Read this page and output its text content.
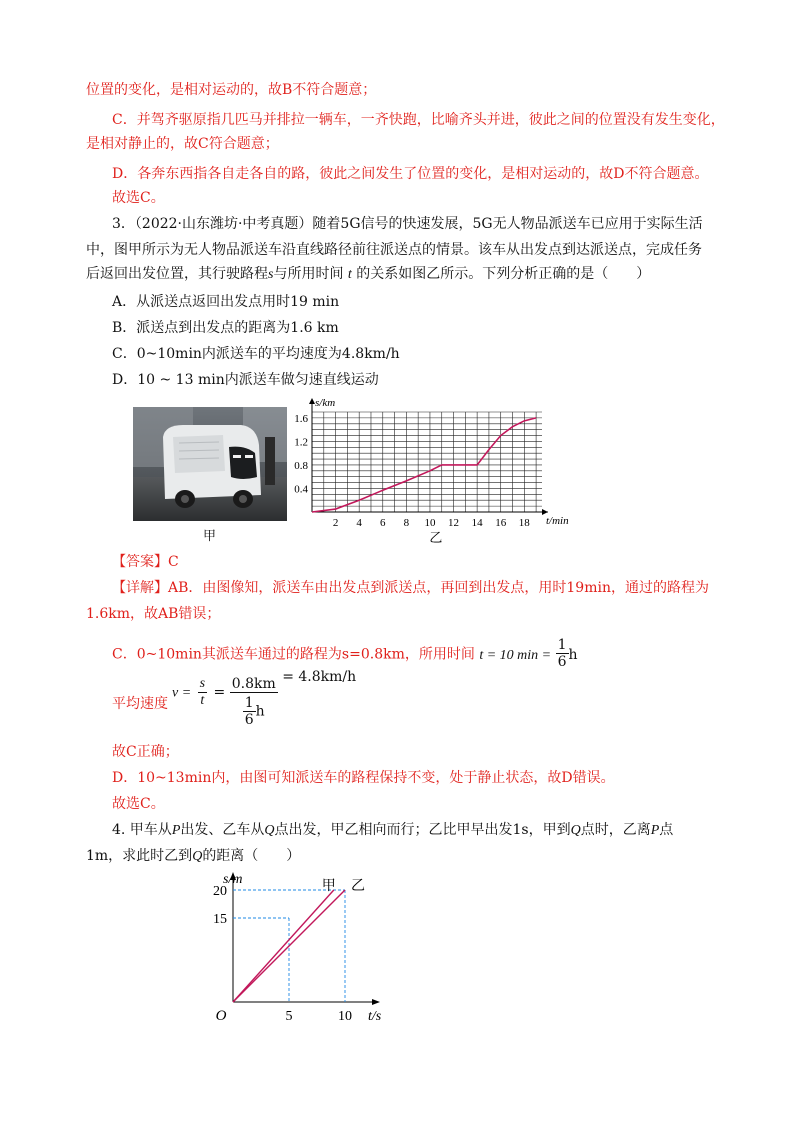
位置的变化，是相对运动的，故B不符合题意；
C．并驾齐驱原指几匹马并排拉一辆车，一齐快跑，比喻齐头并进，彼此之间的位置没有发生变化，
是相对静止的，故C符合题意；
D．各奔东西指各自走各自的路，彼此之间发生了位置的变化，是相对运动的，故D不符合题意。
故选C。
3．（2022·山东潍坊·中考真题）随着5G信号的快速发展，5G无人物品派送车已应用于实际生活
中，图甲所示为无人物品派送车沿直线路径前往派送点的情景。该车从出发点到达派送点，完成任务
后返回出发位置，其行驶路程s与所用时间 t 的关系如图乙所示。下列分析正确的是（　　）
A．从派送点返回出发点用时19 min
B．派送点到出发点的距离为1.6 km
C．0~10min内派送车的平均速度为4.8km/h
D．10 ~ 13 min内派送车做匀速直线运动
甲
2 4 6 8 10 12 14 16 18
0.4
0.8
1.2
1.6
s/km
t/min
乙
【答案】C
【详解】AB．由图像知，派送车由出发点到派送点，再回到出发点，用时19min，通过的路程为
1.6km，故AB错误；
C．0~10min其派送车通过的路程为s=0.8km，所用时间 t = 10 $\min = \frac{1}{6}$ h
平均速度
$v = \frac{s}{t} = \frac{0.8km}{\frac{1}{6} h} = 4.8km/h$
故C正确；
D．10~13min内，由图可知派送车的路程保持不变，处于静止状态，故D错误。
故选C。
4. 甲车从P出发、乙车从Q点出发，甲乙相向而行；乙比甲早出发1s，甲到Q点时，乙离P点
1m，求此时乙到Q的距离（　　）
5	10
15
20
O
s/m
t/s
甲 乙
